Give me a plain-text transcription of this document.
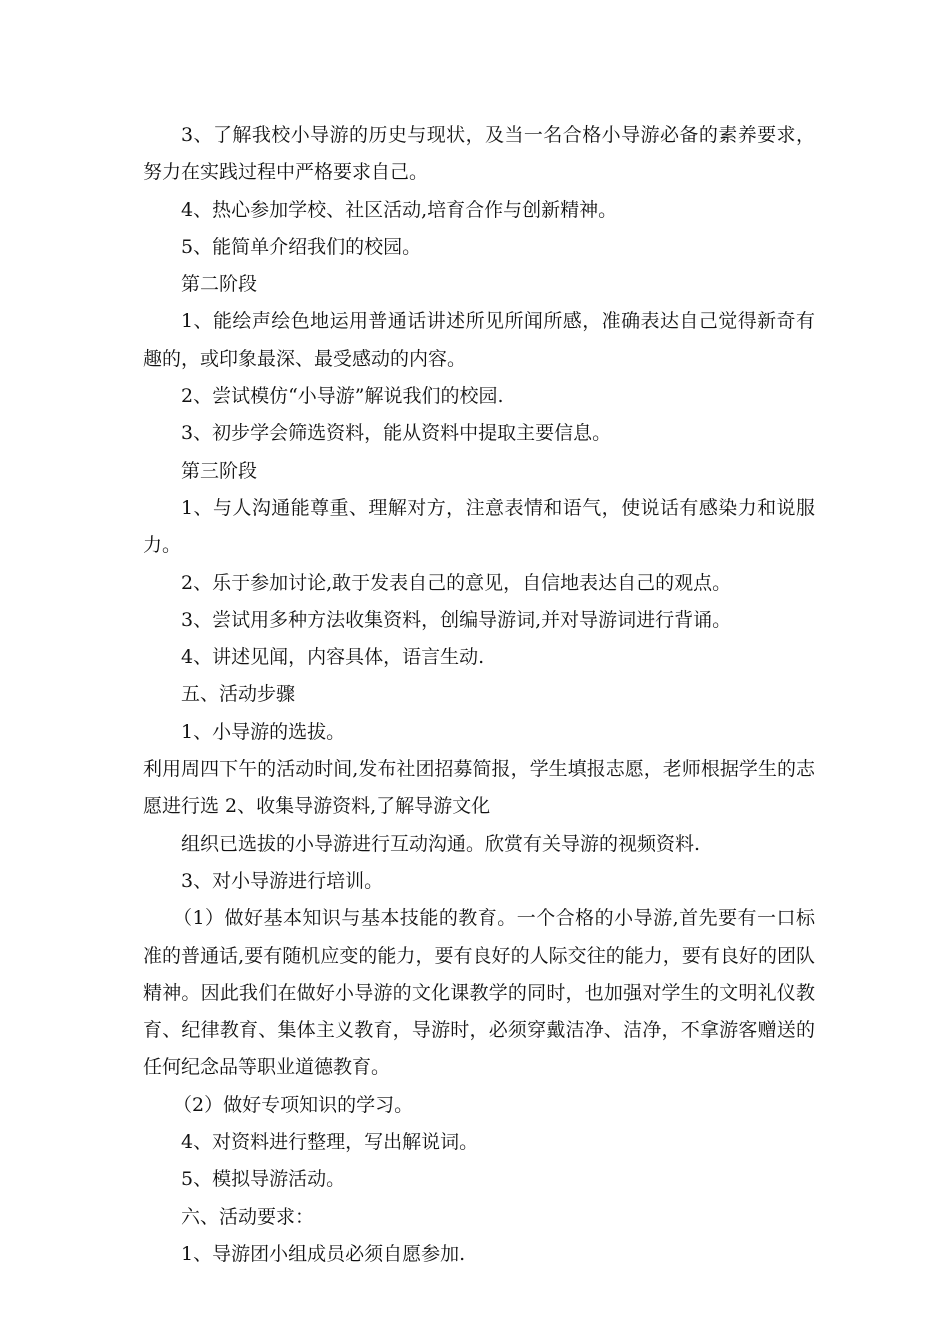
3、了解我校小导游的历史与现状，及当一名合格小导游必备的素养要求，努力在实践过程中严格要求自己。

4、热心参加学校、社区活动,培育合作与创新精神。

5、能简单介绍我们的校园。

第二阶段

1、能绘声绘色地运用普通话讲述所见所闻所感，准确表达自己觉得新奇有趣的，或印象最深、最受感动的内容。

2、尝试模仿“小导游”解说我们的校园.

3、初步学会筛选资料，能从资料中提取主要信息。

第三阶段

1、与人沟通能尊重、理解对方，注意表情和语气，使说话有感染力和说服力。

2、乐于参加讨论,敢于发表自己的意见，自信地表达自己的观点。

3、尝试用多种方法收集资料，创编导游词,并对导游词进行背诵。

4、讲述见闻，内容具体，语言生动.

五、活动步骤

1、小导游的选拔。

利用周四下午的活动时间,发布社团招募简报，学生填报志愿，老师根据学生的志愿进行选 2、收集导游资料,了解导游文化

组织已选拔的小导游进行互动沟通。欣赏有关导游的视频资料.

3、对小导游进行培训。

（1）做好基本知识与基本技能的教育。一个合格的小导游,首先要有一口标准的普通话,要有随机应变的能力，要有良好的人际交往的能力，要有良好的团队精神。因此我们在做好小导游的文化课教学的同时，也加强对学生的文明礼仪教育、纪律教育、集体主义教育，导游时，必须穿戴洁净、洁净，不拿游客赠送的任何纪念品等职业道德教育。

（2）做好专项知识的学习。

4、对资料进行整理，写出解说词。

5、模拟导游活动。

六、活动要求：

1、导游团小组成员必须自愿参加.
